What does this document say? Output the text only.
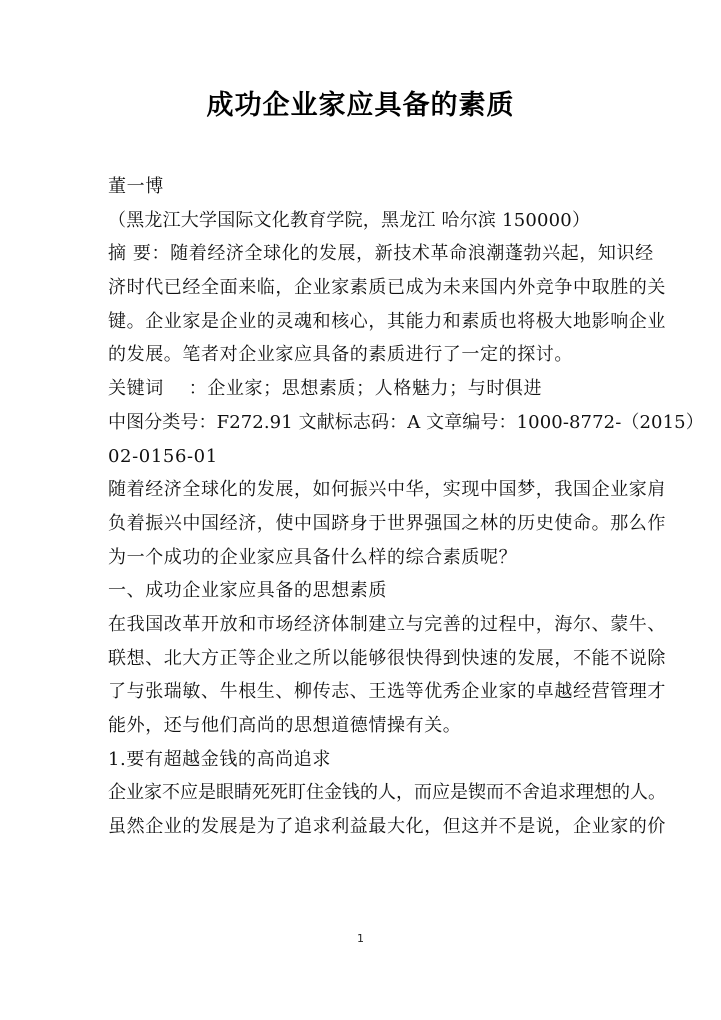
成功企业家应具备的素质
董一博
（黑龙江大学国际文化教育学院，黑龙江 哈尔滨 150000）
摘 要：随着经济全球化的发展，新技术革命浪潮蓬勃兴起，知识经
济时代已经全面来临，企业家素质已成为未来国内外竞争中取胜的关
键。企业家是企业的灵魂和核心，其能力和素质也将极大地影响企业
的发展。笔者对企业家应具备的素质进行了一定的探讨。
关键词　 ：企业家；思想素质；人格魅力；与时俱进
中图分类号：F272.91 文献标志码：A 文章编号：1000-8772-（2015）
02-0156-01
随着经济全球化的发展，如何振兴中华，实现中国梦，我国企业家肩
负着振兴中国经济，使中国跻身于世界强国之林的历史使命。那么作
为一个成功的企业家应具备什么样的综合素质呢？
一、成功企业家应具备的思想素质
在我国改革开放和市场经济体制建立与完善的过程中，海尔、蒙牛、
联想、北大方正等企业之所以能够很快得到快速的发展，不能不说除
了与张瑞敏、牛根生、柳传志、王选等优秀企业家的卓越经营管理才
能外，还与他们高尚的思想道德情操有关。
1.要有超越金钱的高尚追求
企业家不应是眼睛死死盯住金钱的人，而应是锲而不舍追求理想的人。
虽然企业的发展是为了追求利益最大化，但这并不是说，企业家的价
1
